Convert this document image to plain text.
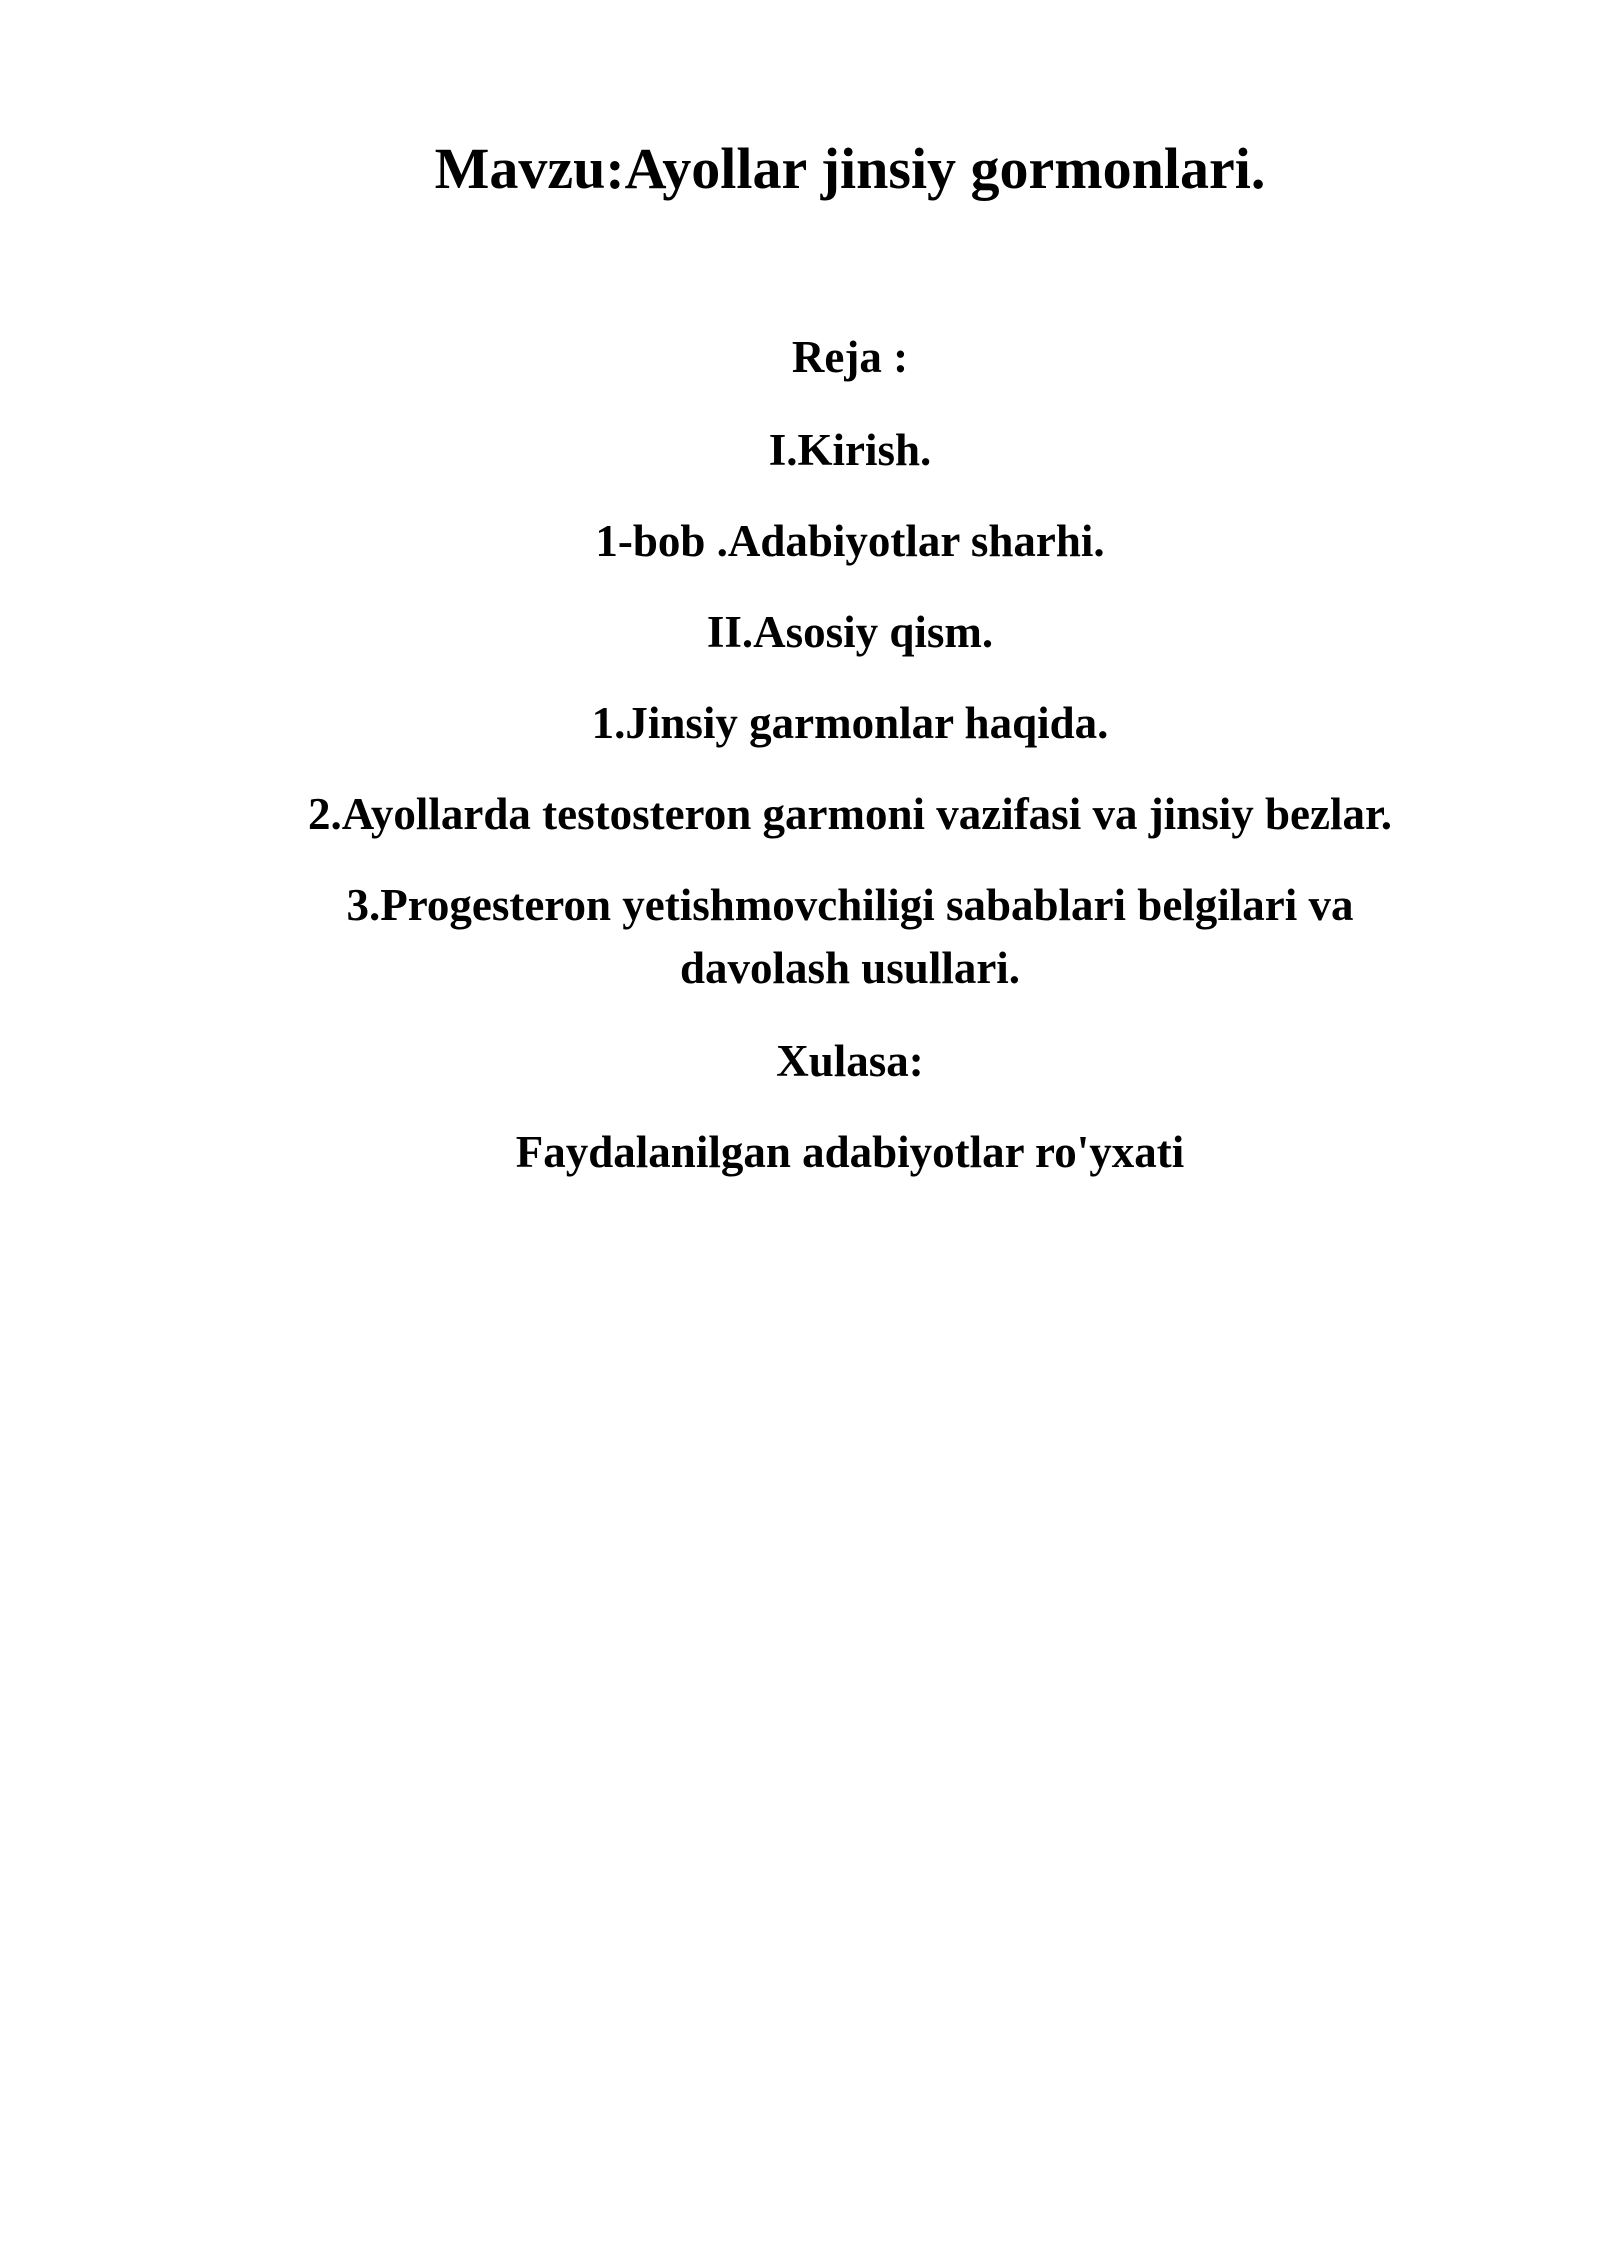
Mavzu:Ayollar jinsiy gormonlari.

Reja :

I.Kirish.

1-bob .Adabiyotlar sharhi.

II.Asosiy qism.

1.Jinsiy garmonlar haqida.

2.Ayollarda testosteron garmoni vazifasi va jinsiy bezlar.

3.Progesteron yetishmovchiligi sabablari belgilari va

davolash usullari.

Xulasa:

Faydalanilgan adabiyotlar ro'yxati
